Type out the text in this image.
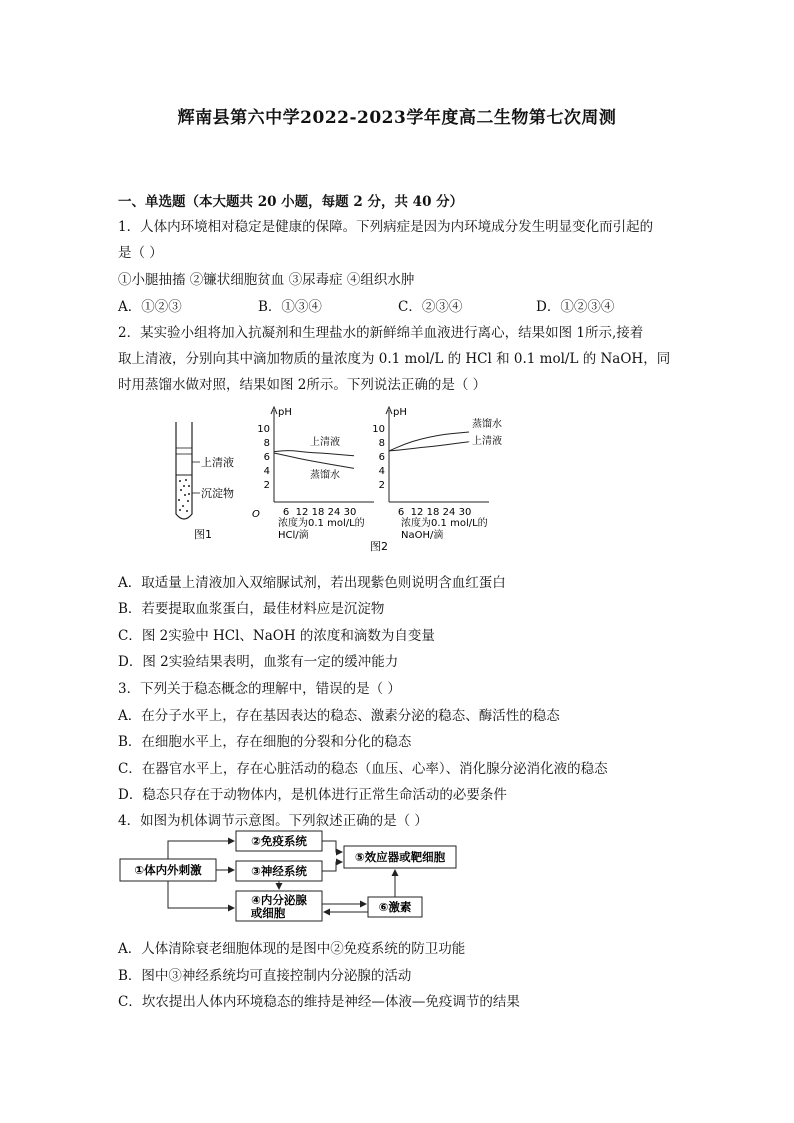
辉南县第六中学2022-2023学年度高二生物第七次周测
一、单选题（本大题共 20 小题，每题 2 分，共 40 分）
1．人体内环境相对稳定是健康的保障。下列病症是因为内环境成分发生明显变化而引起的
是（ ）
①小腿抽搐 ②镰状细胞贫血 ③尿毒症 ④组织水肿
A．①②③	B．①③④	C．②③④	D．①②③④
2．某实验小组将加入抗凝剂和生理盐水的新鲜绵羊血液进行离心，结果如图 1所示,接着
取上清液，分别向其中滴加物质的量浓度为 0.1 mol/L 的 HCl 和 0.1 mol/L 的 NaOH，同
时用蒸馏水做对照，结果如图 2所示。下列说法正确的是（ ）
上清液
沉淀物
图1
pH
O
10
8
6
4
2
6 12 18 24 30
浓度为0.1 mol/L的
HCl/滴
上清液
蒸馏水
pH
10
8
6
4
2
6 12 18 24 30
浓度为0.1 mol/L的
NaOH/滴
蒸馏水
上清液
图2
A．取适量上清液加入双缩脲试剂，若出现紫色则说明含血红蛋白
B．若要提取血浆蛋白，最佳材料应是沉淀物
C．图 2实验中 HCl、NaOH 的浓度和滴数为自变量
D．图 2实验结果表明，血浆有一定的缓冲能力
3．下列关于稳态概念的理解中，错误的是（ ）
A．在分子水平上，存在基因表达的稳态、激素分泌的稳态、酶活性的稳态
B．在细胞水平上，存在细胞的分裂和分化的稳态
C．在器官水平上，存在心脏活动的稳态（血压、心率）、消化腺分泌消化液的稳态
D．稳态只存在于动物体内，是机体进行正常生命活动的必要条件
4．如图为机体调节示意图。下列叙述正确的是（ ）
①体内外刺激
②免疫系统
③神经系统
④内分泌腺
或细胞
⑤效应器或靶细胞
⑥激素
A．人体清除衰老细胞体现的是图中②免疫系统的防卫功能
B．图中③神经系统均可直接控制内分泌腺的活动
C．坎农提出人体内环境稳态的维持是神经—体液—免疫调节的结果
